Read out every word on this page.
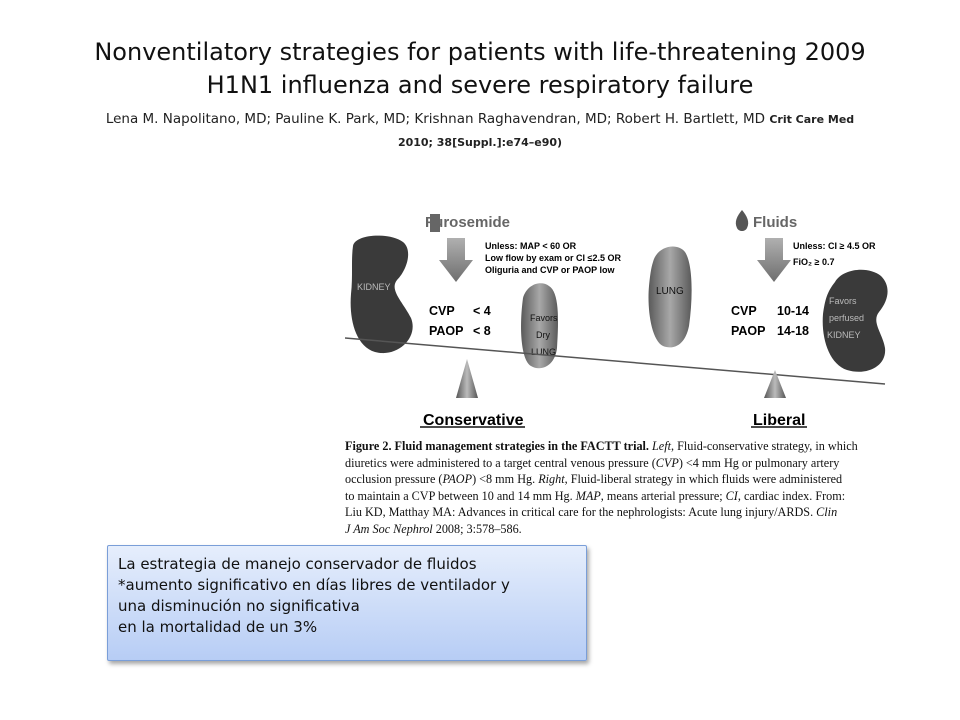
Nonventilatory strategies for patients with life-threatening 2009
H1N1 influenza and severe respiratory failure
Lena M. Napolitano, MD; Pauline K. Park, MD; Krishnan Raghavendran, MD; Robert H. Bartlett, MD Crit Care Med
2010; 38[Suppl.]:e74–e90)
Furosemide
Unless: MAP < 60 OR
Low flow by exam or CI ≤2.5 OR
Oliguria and CVP or PAOP low
KIDNEY
CVP < 4
PAOP < 8
Favors
Dry
LUNG
Conservative
Fluids
Unless: CI ≥ 4.5 OR
FiO₂ ≥ 0.7
LUNG
CVP 10-14
PAOP 14-18
Favors
perfused
KIDNEY
Liberal
Figure 2. Fluid management strategies in the FACTT trial. Left, Fluid-conservative strategy, in which
diuretics were administered to a target central venous pressure (CVP) <4 mm Hg or pulmonary artery
occlusion pressure (PAOP) <8 mm Hg. Right, Fluid-liberal strategy in which fluids were administered
to maintain a CVP between 10 and 14 mm Hg. MAP, means arterial pressure; CI, cardiac index. From:
Liu KD, Matthay MA: Advances in critical care for the nephrologists: Acute lung injury/ARDS. Clin
J Am Soc Nephrol 2008; 3:578–586.
La estrategia de manejo conservador de fluidos
*aumento significativo en días libres de ventilador y
una disminución no significativa
en la mortalidad de un 3%
